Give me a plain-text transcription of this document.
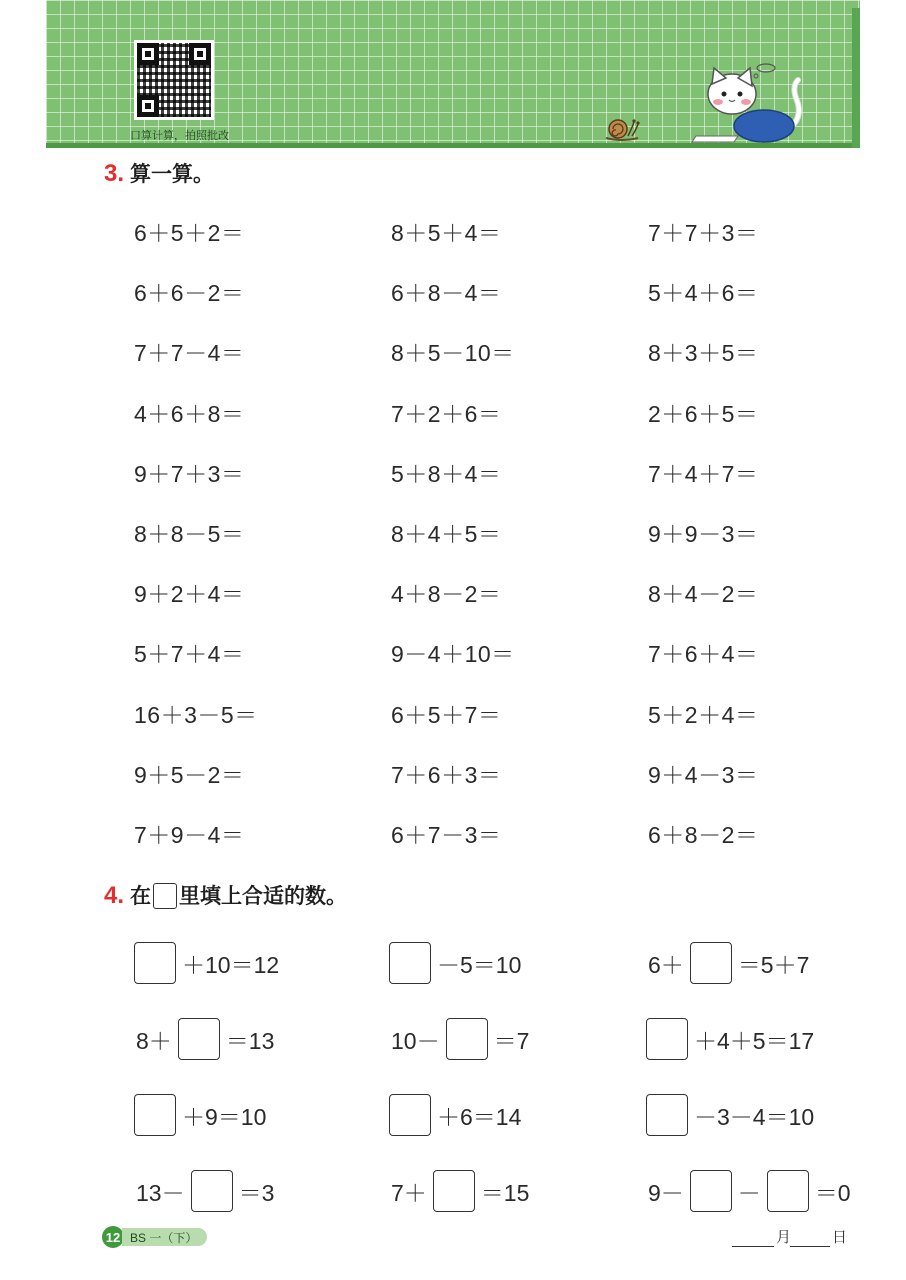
口算计算，拍照批改
3. 算一算。
6＋5＋2＝	8＋5＋4＝	7＋7＋3＝
6＋6－2＝	6＋8－4＝	5＋4＋6＝
7＋7－4＝	8＋5－10＝	8＋3＋5＝
4＋6＋8＝	7＋2＋6＝	2＋6＋5＝
9＋7＋3＝	5＋8＋4＝	7＋4＋7＝
8＋8－5＝	8＋4＋5＝	9＋9－3＝
9＋2＋4＝	4＋8－2＝	8＋4－2＝
5＋7＋4＝	9－4＋10＝	7＋6＋4＝
16＋3－5＝	6＋5＋7＝	5＋2＋4＝
9＋5－2＝	7＋6＋3＝	9＋4－3＝
7＋9－4＝	6＋7－3＝	6＋8－2＝
4. 在 里填上合适的数。
＋10＝12	－5＝10	6＋ ＝5＋7
8＋ ＝13	10－ ＝7	＋4＋5＝17
＋9＝10	＋6＝14	－3－4＝10
13－ ＝3	7＋ ＝15	9－ － ＝0
12 BS 一（下）	月	日
